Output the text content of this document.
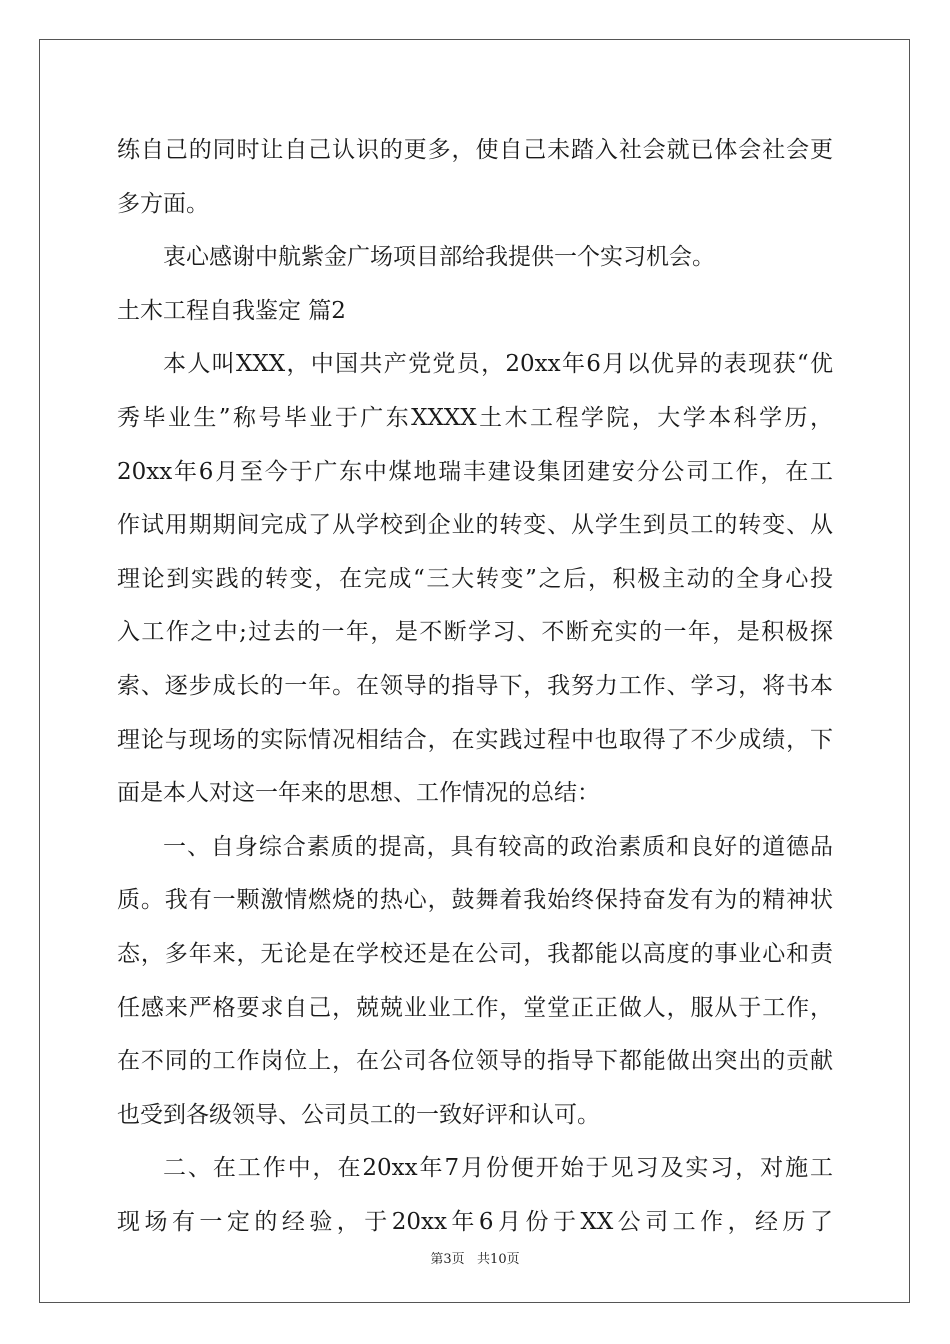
练自己的同时让自己认识的更多，使自己未踏入社会就已体会社会更
多方面。
衷心感谢中航紫金广场项目部给我提供一个实习机会。
土木工程自我鉴定 篇2
本人叫XXX，中国共产党党员，20xx年6月以优异的表现获“优
秀毕业生”称号毕业于广东XXXX土木工程学院，大学本科学历，
20xx年6月至今于广东中煤地瑞丰建设集团建安分公司工作，在工
作试用期期间完成了从学校到企业的转变、从学生到员工的转变、从
理论到实践的转变，在完成“三大转变”之后，积极主动的全身心投
入工作之中;过去的一年，是不断学习、不断充实的一年，是积极探
索、逐步成长的一年。在领导的指导下，我努力工作、学习，将书本
理论与现场的实际情况相结合，在实践过程中也取得了不少成绩，下
面是本人对这一年来的思想、工作情况的总结：
一、自身综合素质的提高，具有较高的政治素质和良好的道德品
质。我有一颗激情燃烧的热心，鼓舞着我始终保持奋发有为的精神状
态，多年来，无论是在学校还是在公司，我都能以高度的事业心和责
任感来严格要求自己，兢兢业业工作，堂堂正正做人，服从于工作，
在不同的工作岗位上，在公司各位领导的指导下都能做出突出的贡献
也受到各级领导、公司员工的一致好评和认可。
二、在工作中，在20xx年7月份便开始于见习及实习，对施工
现场有一定的经验，于20xx年6月份于XX公司工作，经历了
第3页   共10页
